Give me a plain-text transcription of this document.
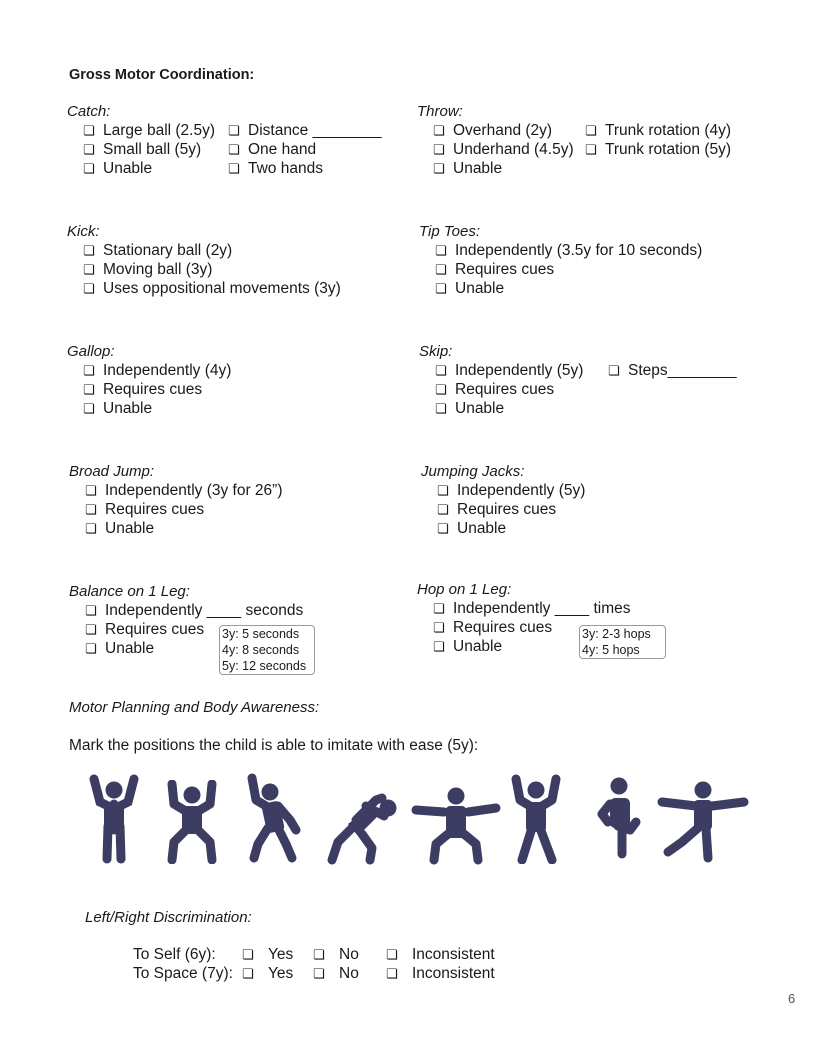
Gross Motor Coordination:
Catch:
❏ Large ball (2.5y)
❏ Small ball (5y)
❏ Unable
❏ Distance ________
❏ One hand
❏ Two hands
Throw:
❏ Overhand (2y)
❏ Underhand (4.5y)
❏ Unable
❏ Trunk rotation (4y)
❏ Trunk rotation (5y)
Kick:
❏ Stationary ball (2y)
❏ Moving ball (3y)
❏ Uses oppositional movements (3y)
Tip Toes:
❏ Independently (3.5y for 10 seconds)
❏ Requires cues
❏ Unable
Gallop:
❏ Independently (4y)
❏ Requires cues
❏ Unable
Skip:
❏ Independently (5y)
❏ Requires cues
❏ Unable
❏ Steps________
Broad Jump:
❏ Independently (3y for 26”)
❏ Requires cues
❏ Unable
Jumping Jacks:
❏ Independently (5y)
❏ Requires cues
❏ Unable
Balance on 1 Leg:
❏ Independently ____ seconds
❏ Requires cues
❏ Unable
3y: 5 seconds
4y: 8 seconds
5y: 12 seconds
Hop on 1 Leg:
❏ Independently ____ times
❏ Requires cues
❏ Unable
3y: 2-3 hops
4y: 5 hops
Motor Planning and Body Awareness:
Mark the positions the child is able to imitate with ease (5y):
Left/Right Discrimination:
To Self (6y): ❏ Yes ❏ No ❏ Inconsistent
To Space (7y): ❏ Yes ❏ No ❏ Inconsistent
6
